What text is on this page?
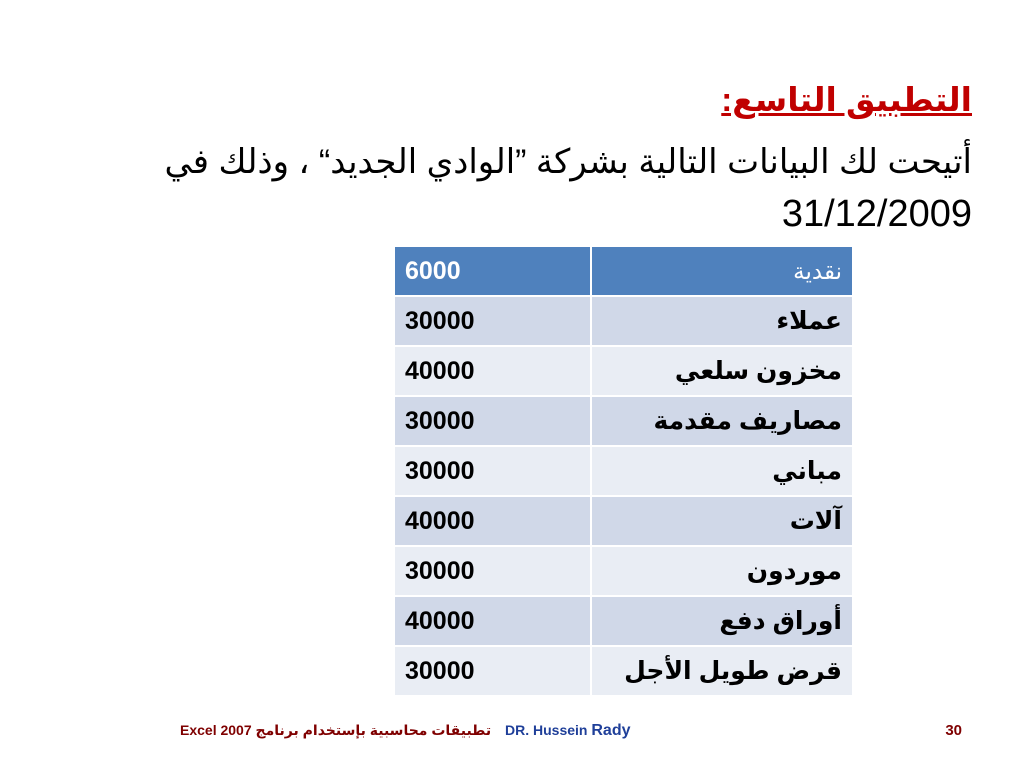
التطبيق التاسع:
أتيحت لك البيانات التالية بشركة ”الوادي الجديد“ ، وذلك في
31/12/2009
6000	نقدية
30000	عملاء
40000	مخزون سلعي
30000	مصاريف مقدمة
30000	مباني
40000	آلات
30000	موردون
40000	أوراق دفع
30000	قرض طويل الأجل
تطبيقات محاسبية بإستخدام برنامج Excel 2007 DR. Hussein Rady	30
